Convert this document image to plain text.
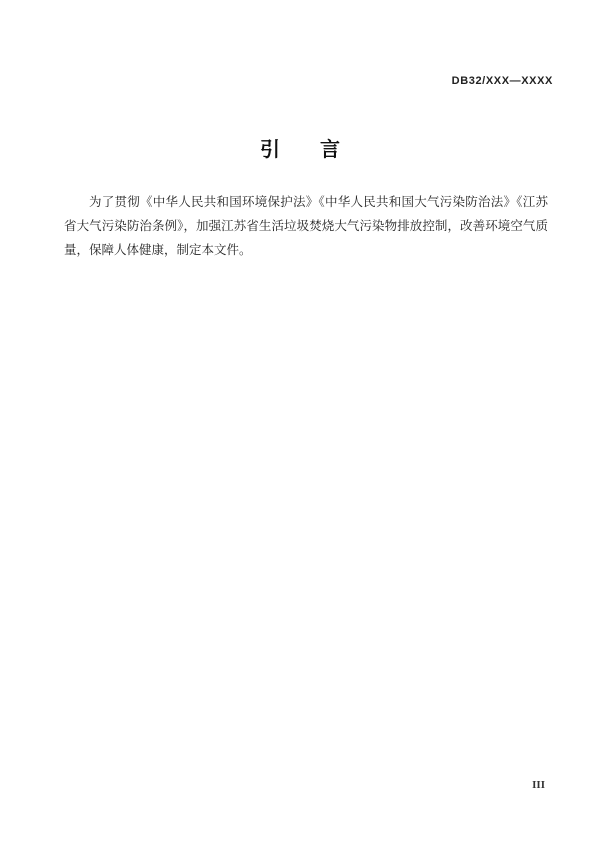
DB32/XXX—XXXX
引　　言

为了贯彻《中华人民共和国环境保护法》《中华人民共和国大气污染防治法》《江苏省大气污染防治条例》，加强江苏省生活垃圾焚烧大气污染物排放控制，改善环境空气质量，保障人体健康，制定本文件。

III
